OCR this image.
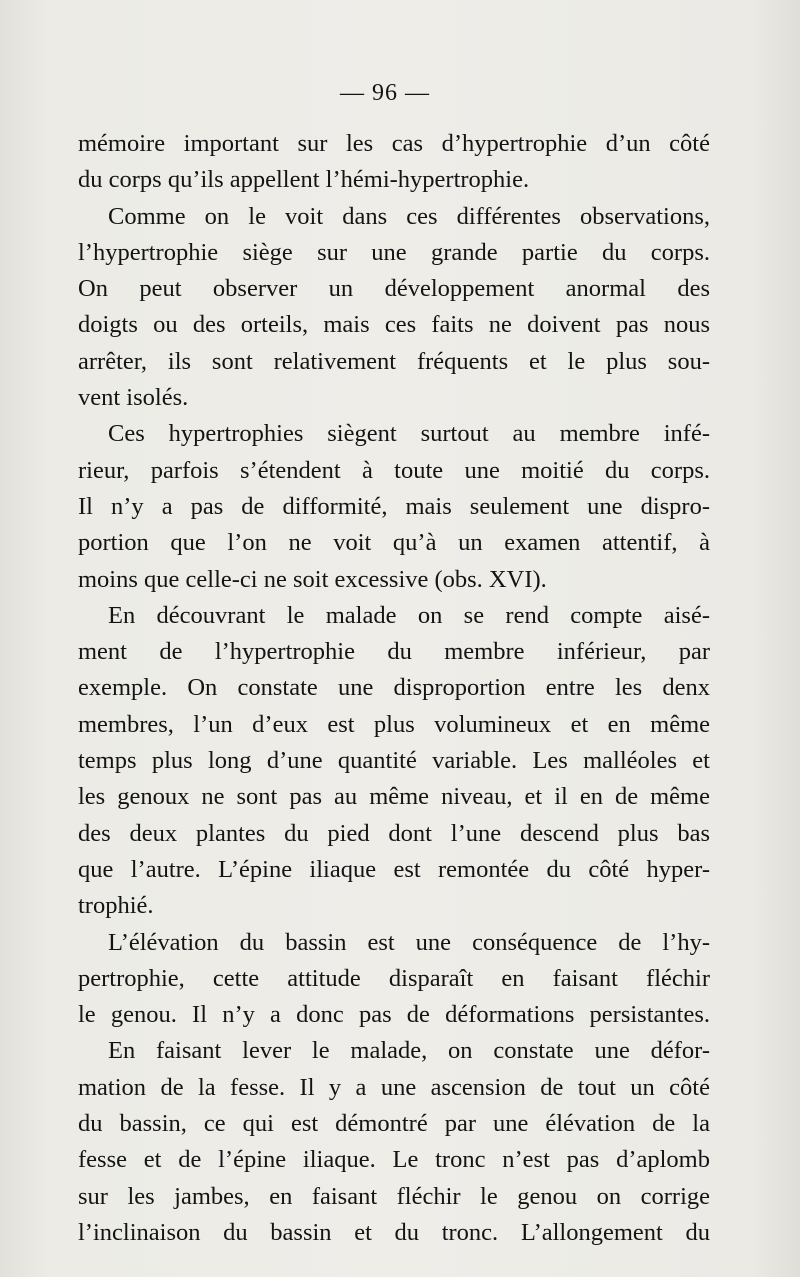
— 96 —
mémoire important sur les cas d’hypertrophie d’un côté
du corps qu’ils appellent l’hémi-hypertrophie.
Comme on le voit dans ces différentes observations,
l’hypertrophie siège sur une grande partie du corps.
On peut observer un développement anormal des
doigts ou des orteils, mais ces faits ne doivent pas nous
arrêter, ils sont relativement fréquents et le plus sou-
vent isolés.
Ces hypertrophies siègent surtout au membre infé-
rieur, parfois s’étendent à toute une moitié du corps.
Il n’y a pas de difformité, mais seulement une dispro-
portion que l’on ne voit qu’à un examen attentif, à
moins que celle-ci ne soit excessive (obs. XVI).
En découvrant le malade on se rend compte aisé-
ment de l’hypertrophie du membre inférieur, par
exemple. On constate une disproportion entre les denx
membres, l’un d’eux est plus volumineux et en même
temps plus long d’une quantité variable. Les malléoles et
les genoux ne sont pas au même niveau, et il en de même
des deux plantes du pied dont l’une descend plus bas
que l’autre. L’épine iliaque est remontée du côté hyper-
trophié.
L’élévation du bassin est une conséquence de l’hy-
pertrophie, cette attitude disparaît en faisant fléchir
le genou. Il n’y a donc pas de déformations persistantes.
En faisant lever le malade, on constate une défor-
mation de la fesse. Il y a une ascension de tout un côté
du bassin, ce qui est démontré par une élévation de la
fesse et de l’épine iliaque. Le tronc n’est pas d’aplomb
sur les jambes, en faisant fléchir le genou on corrige
l’inclinaison du bassin et du tronc. L’allongement du
